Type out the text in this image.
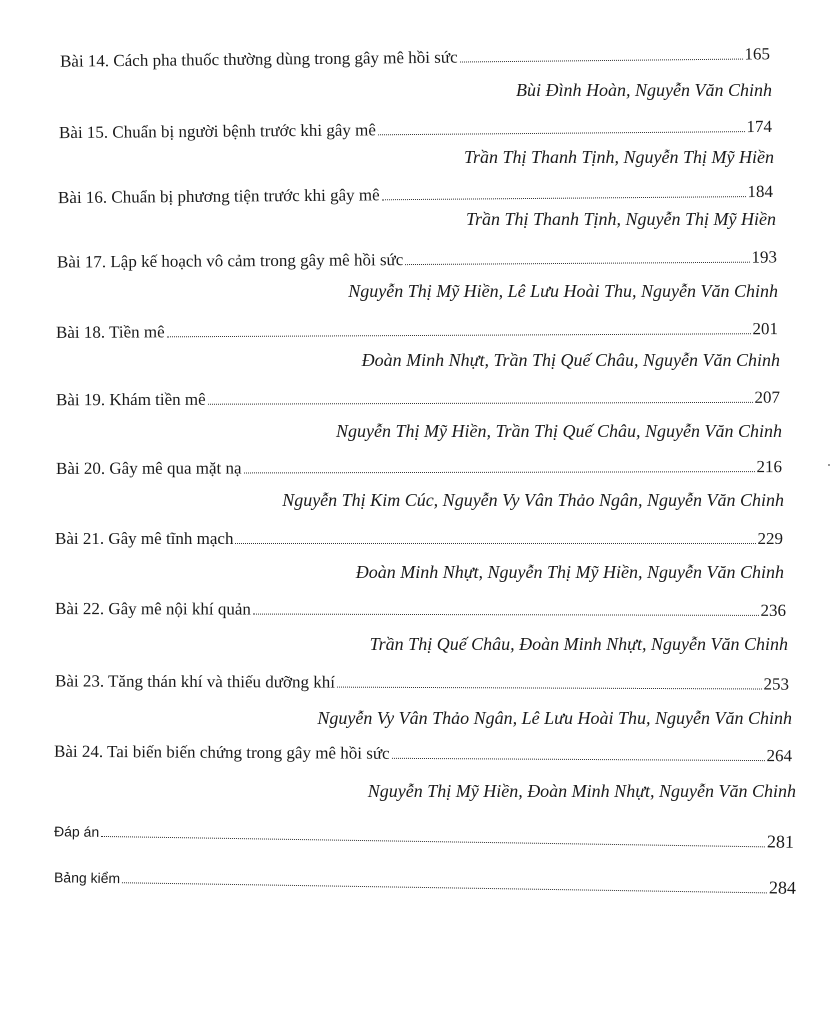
Bài 14. Cách pha thuốc thường dùng trong gây mê hồi sức	165
Bùi Đình Hoàn, Nguyễn Văn Chinh
Bài 15. Chuẩn bị người bệnh trước khi gây mê	174
Trần Thị Thanh Tịnh, Nguyễn Thị Mỹ Hiền
Bài 16. Chuẩn bị phương tiện trước khi gây mê	184
Trần Thị Thanh Tịnh, Nguyễn Thị Mỹ Hiền
Bài 17. Lập kế hoạch vô cảm trong gây mê hồi sức	193
Nguyễn Thị Mỹ Hiền, Lê Lưu Hoài Thu, Nguyễn Văn Chinh
Bài 18. Tiền mê	201
Đoàn Minh Nhựt, Trần Thị Quế Châu, Nguyễn Văn Chinh
Bài 19. Khám tiền mê	207
Nguyễn Thị Mỹ Hiền, Trần Thị Quế Châu, Nguyễn Văn Chinh
Bài 20. Gây mê qua mặt nạ	216
Nguyễn Thị Kim Cúc, Nguyễn Vy Vân Thảo Ngân, Nguyễn Văn Chinh
Bài 21. Gây mê tĩnh mạch	229
Đoàn Minh Nhựt, Nguyễn Thị Mỹ Hiền, Nguyễn Văn Chinh
Bài 22. Gây mê nội khí quản	236
Trần Thị Quế Châu, Đoàn Minh Nhựt, Nguyễn Văn Chinh
Bài 23. Tăng thán khí và thiếu dưỡng khí	253
Nguyễn Vy Vân Thảo Ngân, Lê Lưu Hoài Thu, Nguyễn Văn Chinh
Bài 24. Tai biến biến chứng trong gây mê hồi sức	264
Nguyễn Thị Mỹ Hiền, Đoàn Minh Nhựt, Nguyễn Văn Chinh
Đáp án	281
Bảng kiểm	284
